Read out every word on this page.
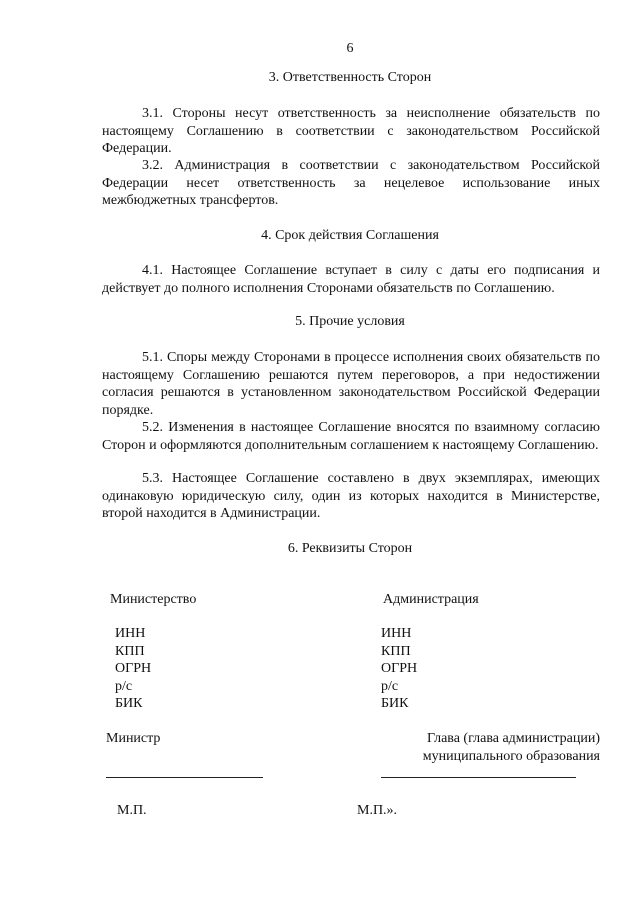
6
3. Ответственность Сторон
3.1. Стороны несут ответственность за неисполнение обязательств по настоящему Соглашению в соответствии с законодательством Российской Федерации.
3.2. Администрация в соответствии с законодательством Российской Федерации несет ответственность за нецелевое использование иных межбюджетных трансфертов.
4. Срок действия Соглашения
4.1. Настоящее Соглашение вступает в силу с даты его подписания и действует до полного исполнения Сторонами обязательств по Соглашению.
5. Прочие условия
5.1. Споры между Сторонами в процессе исполнения своих обязательств по настоящему Соглашению решаются путем переговоров, а при недостижении согласия решаются в установленном законодательством Российской Федерации порядке.
5.2. Изменения в настоящее Соглашение вносятся по взаимному согласию Сторон и оформляются дополнительным соглашением к настоящему Соглашению.
5.3. Настоящее Соглашение составлено в двух экземплярах, имеющих одинаковую юридическую силу, один из которых находится в Министерстве, второй находится в Администрации.
6. Реквизиты Сторон
Министерство
ИНН
КПП
ОГРН
р/с
БИК
Министр
М.П.
Администрация
ИНН
КПП
ОГРН
р/с
БИК
Глава (глава администрации)
муниципального образования
М.П.».
